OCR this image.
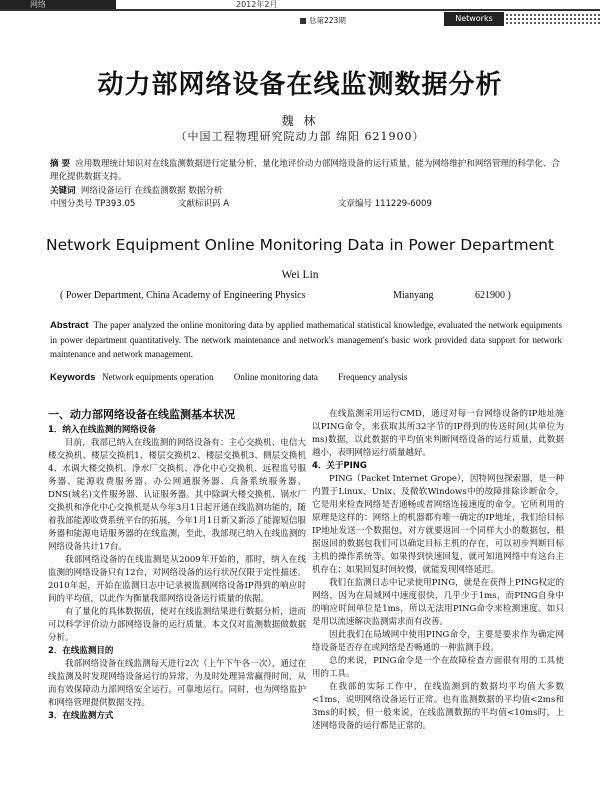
网络	2012年2月
总第223期	Networks
动力部网络设备在线监测数据分析
魏 林
（中国工程物理研究院动力部 绵阳 621900）
摘 要 应用数理统计知识对在线监测数据进行定量分析，量化地评价动力部网络设备的运行质量，能为网络维护和网络管理的科学化、合理化提供数据支持。
关键词 网络设备运行 在线监测数据 数据分析
中图分类号 TP393.05	文献标识码 A	文章编号 111229-6009
Network Equipment Online Monitoring Data in Power Department
Wei Lin
( Power Department, China Academy of Engineering Physics	Mianyang	621900 )
Abstract The paper analyzed the online monitoring data by applied mathematical statistical knowledge, evaluated the network equipments in power department quantitatively. The network maintenance and network's management's basic work provided data support for network maintenance and network management.
Keywords Network equipments operation Online monitoring data Frequency analysis
一、动力部网络设备在线监测基本状况
1．纳入在线监测的网络设备

目前，我部已纳入在线监测的网络设备有：主心交换机、电信大楼交换机、楼层交换机1、楼层交换机2、楼层交换机3、侧层交换机4、水调大楼交换机、净水厂交换机、净化中心交换机、远程监号服务器、能源收费服务器、办公网通服务器、兵备系统服务器、DNS(域名)文件服务器、认证服务器。其中除调大楼交换机、锅水厂交换机和净化中心交换机是从今年3月1日起开通在线监测功能的，随着我部能源收费系统平台的拓展，今年1月1日新又新添了能源短信服务器和能源电话服务器的在线监测，至此，我部现已纳入在线监测的网络设备共计17台。

我部网络设备的在线监测是从2009年开始的，那时，纳入在线监测的网络设备只有12台，对网络设备的运行状况仅限于定性描述。2010年起，开始在监测日志中记录被监测网络设备IP得到的响应时间的平均值，以此作为衡量我部网络设备运行质量的依据。

有了量化的具体数据值，使对在线监测结果进行数据分析，进而可以科学评价动力部网络设备的运行质量。本文仅对监测数据做数据分析。

2．在线监测目的

我部网络设备在线监测每天进行2次（上午下午各一次），通过在线监测及时发现网络设备运行的异常，为及时处理异常赢得时间，从而有效保障动力部网络安全运行，可靠地运行。同时，也为网络监护和网络管理提供数据支持。

3．在线监测方式

在线监测采用运行CMD，通过对每一台网络设备的IP地址施以PING命令，来获取其所32字节的IP得到的传送时间(其单位为ms)数据，以此数据的平均值来判断网络设备的运行质量，此数据越小，表明网络运行质量越好。

4．关于PING

PING（Packet Internet Grope），因特网包探索器，是一种内置于Linux、Unix、及微软Windows中的故障排除诊断命令，它是用来检查网络是否通畅或者网络连接速度的命令。它所利用的原理是这样的：网络上的机器都有唯一确定的IP地址，我们给目标IP地址发送一个数据包，对方就要返回一个同样大小的数据包，根据返回的数据包我们可以确定目标主机的存在，可以初步判断目标主机的操作系统等。如果得到快速回复，就可知道网络中有这台主机存在；如果回复时间较慢，就能发现网络延迟。

我们在监测日志中记录使用PING，就是在获得上PING权定的网络，因为在局域网中速度很快，几乎少于1ms，而PING自身中的响应时间单位是1ms，所以无法用PING命令来检测速度。如只是用以流速解决监测需求而有改善。

因此我们在局域网中使用PING命令，主要是要求作为确定网络设备是否存在或网络是否畅通的一种监测手段。

总的来说，PING命令是一个在故障检查方面很有用的工具使用的工具。

在我部的实际工作中，在线监测到的数据均平均值大多数<1ms，说明网络设备运行正常。也有监测数据的平均值<2ms和3ms的时候，但一般来说，在线监测数据的平均值<10ms时，上述网络设备的运行都是正常的。
